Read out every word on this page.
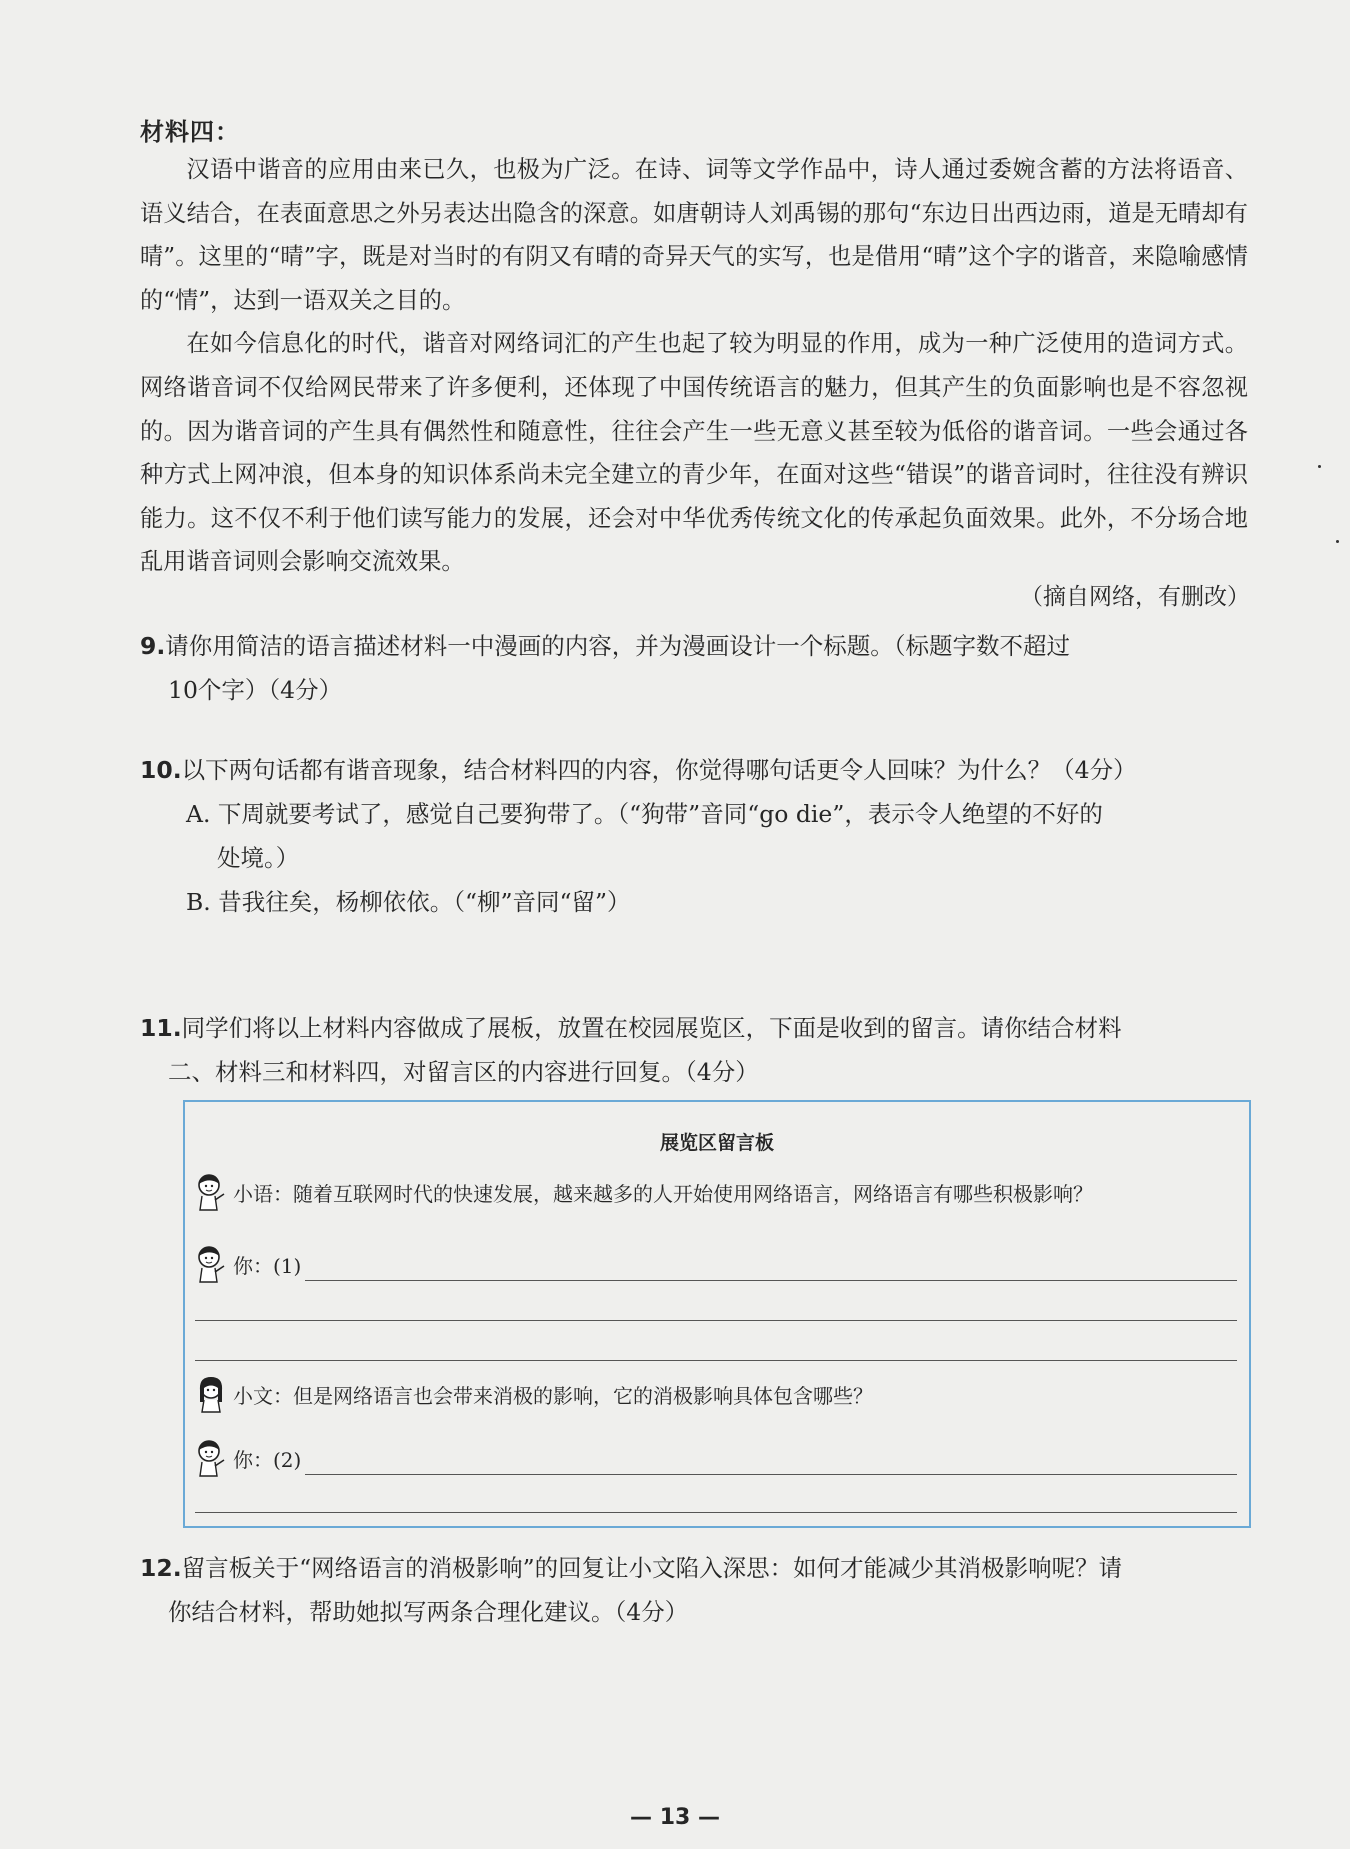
材料四：

汉语中谐音的应用由来已久，也极为广泛。在诗、词等文学作品中，诗人通过委婉含蓄的方法将语音、语义结合，在表面意思之外另表达出隐含的深意。如唐朝诗人刘禹锡的那句“东边日出西边雨，道是无晴却有晴”。这里的“晴”字，既是对当时的有阴又有晴的奇异天气的实写，也是借用“晴”这个字的谐音，来隐喻感情的“情”，达到一语双关之目的。

在如今信息化的时代，谐音对网络词汇的产生也起了较为明显的作用，成为一种广泛使用的造词方式。网络谐音词不仅给网民带来了许多便利，还体现了中国传统语言的魅力，但其产生的负面影响也是不容忽视的。因为谐音词的产生具有偶然性和随意性，往往会产生一些无意义甚至较为低俗的谐音词。一些会通过各种方式上网冲浪，但本身的知识体系尚未完全建立的青少年，在面对这些“错误”的谐音词时，往往没有辨识能力。这不仅不利于他们读写能力的发展，还会对中华优秀传统文化的传承起负面效果。此外，不分场合地乱用谐音词则会影响交流效果。

（摘自网络，有删改）
9.请你用简洁的语言描述材料一中漫画的内容，并为漫画设计一个标题。（标题字数不超过
10个字）（4分）
10.以下两句话都有谐音现象，结合材料四的内容，你觉得哪句话更令人回味？为什么？（4分）
A. 下周就要考试了，感觉自己要狗带了。（“狗带”音同“go die”，表示令人绝望的不好的
处境。）
B. 昔我往矣，杨柳依依。（“柳”音同“留”）
11.同学们将以上材料内容做成了展板，放置在校园展览区，下面是收到的留言。请你结合材料
二、材料三和材料四，对留言区的内容进行回复。（4分）
展览区留言板
小语：随着互联网时代的快速发展，越来越多的人开始使用网络语言，网络语言有哪些积极影响？
你：(1)
小文：但是网络语言也会带来消极的影响，它的消极影响具体包含哪些？
你：(2)
12.留言板关于“网络语言的消极影响”的回复让小文陷入深思：如何才能减少其消极影响呢？请
你结合材料，帮助她拟写两条合理化建议。（4分）
— 13 —
